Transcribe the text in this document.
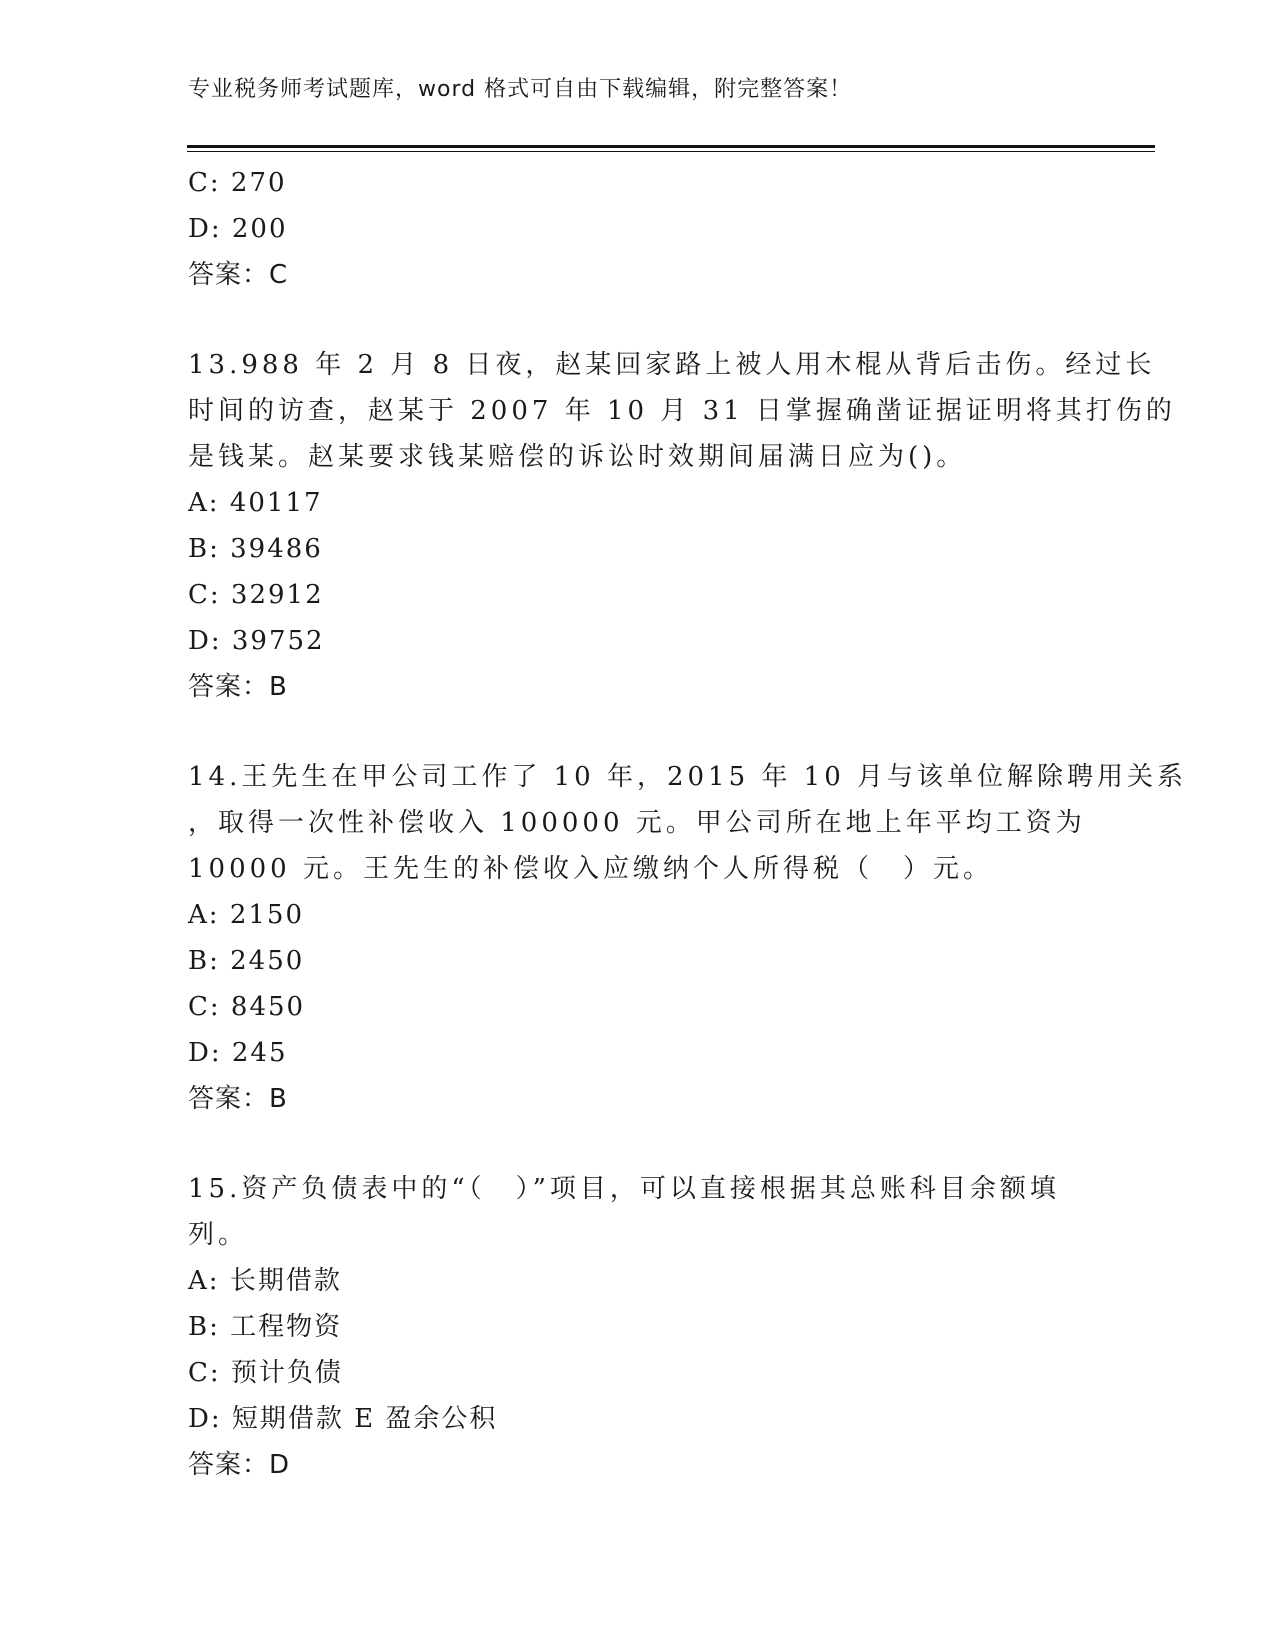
专业税务师考试题库，word 格式可自由下载编辑，附完整答案！
C: 270
D: 200
答案：C
13.988 年 2 月 8 日夜，赵某回家路上被人用木棍从背后击伤。经过长
时间的访查，赵某于 2007 年 10 月 31 日掌握确凿证据证明将其打伤的
是钱某。赵某要求钱某赔偿的诉讼时效期间届满日应为()。
A: 40117
B: 39486
C: 32912
D: 39752
答案：B
14.王先生在甲公司工作了 10 年，2015 年 10 月与该单位解除聘用关系
，取得一次性补偿收入 100000 元。甲公司所在地上年平均工资为
10000 元。王先生的补偿收入应缴纳个人所得税（　）元。
A: 2150
B: 2450
C: 8450
D: 245
答案：B
15.资产负债表中的“（　）”项目，可以直接根据其总账科目余额填
列。
A: 长期借款
B: 工程物资
C: 预计负债
D: 短期借款 E 盈余公积
答案：D
